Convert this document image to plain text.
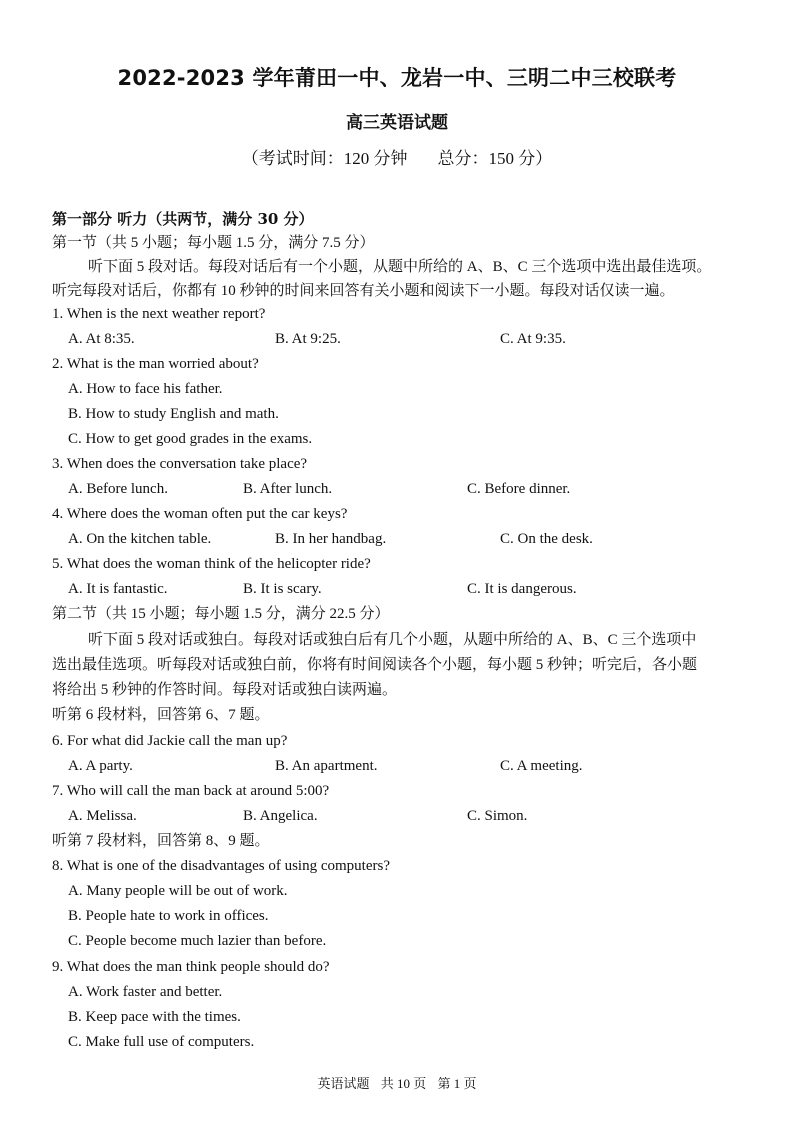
2022-2023 学年莆田一中、龙岩一中、三明二中三校联考
高三英语试题
（考试时间：120 分钟 总分：150 分）
第一部分 听力（共两节，满分 30 分）
第一节（共 5 小题；每小题 1.5 分，满分 7.5 分）
听下面 5 段对话。每段对话后有一个小题，从题中所给的 A、B、C 三个选项中选出最佳选项。
听完每段对话后，你都有 10 秒钟的时间来回答有关小题和阅读下一小题。每段对话仅读一遍。
1. When is the next weather report?
A. At 8:35.	B. At 9:25.	C. At 9:35.
2. What is the man worried about?
A. How to face his father.
B. How to study English and math.
C. How to get good grades in the exams.
3. When does the conversation take place?
A. Before lunch.	B. After lunch.	C. Before dinner.
4. Where does the woman often put the car keys?
A. On the kitchen table.	B. In her handbag.	C. On the desk.
5. What does the woman think of the helicopter ride?
A. It is fantastic.	B. It is scary.	C. It is dangerous.
第二节（共 15 小题；每小题 1.5 分，满分 22.5 分）
听下面 5 段对话或独白。每段对话或独白后有几个小题，从题中所给的 A、B、C 三个选项中
选出最佳选项。听每段对话或独白前，你将有时间阅读各个小题，每小题 5 秒钟；听完后，各小题
将给出 5 秒钟的作答时间。每段对话或独白读两遍。
听第 6 段材料，回答第 6、7 题。
6. For what did Jackie call the man up?
A. A party.	B. An apartment.	C. A meeting.
7. Who will call the man back at around 5:00?
A. Melissa.	B. Angelica.	C. Simon.
听第 7 段材料，回答第 8、9 题。
8. What is one of the disadvantages of using computers?
A. Many people will be out of work.
B. People hate to work in offices.
C. People become much lazier than before.
9. What does the man think people should do?
A. Work faster and better.
B. Keep pace with the times.
C. Make full use of computers.
英语试题 共 10 页 第 1 页
